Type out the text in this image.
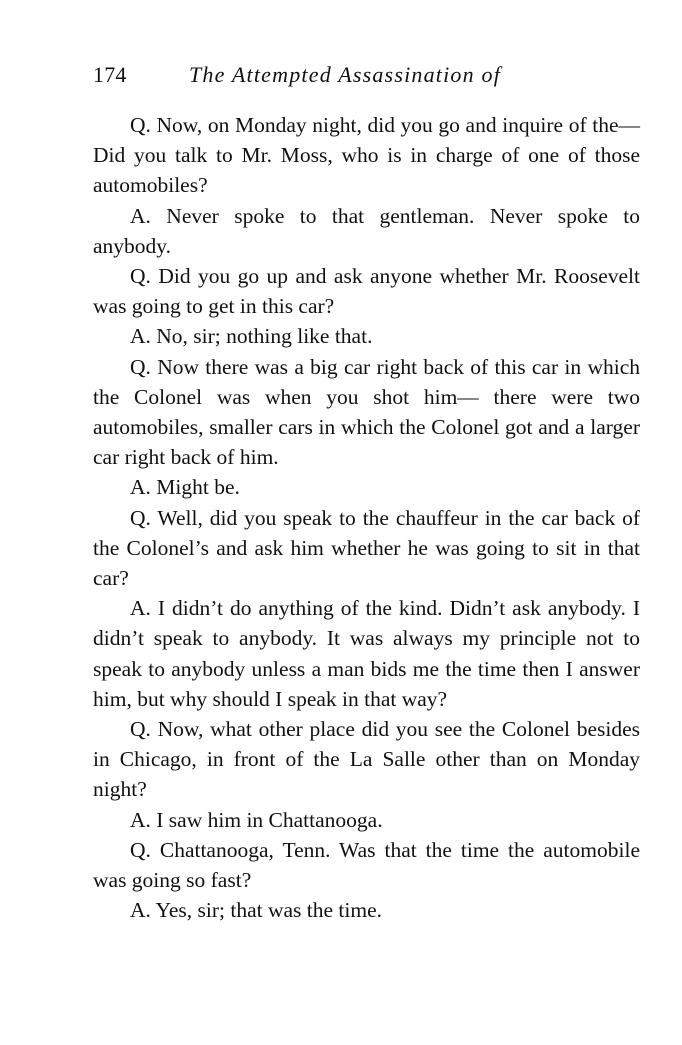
174	The Attempted Assassination of

Q. Now, on Monday night, did you go and inquire of the—Did you talk to Mr. Moss, who is in charge of one of those automobiles?

A. Never spoke to that gentleman. Never spoke to anybody.

Q. Did you go up and ask anyone whether Mr. Roosevelt was going to get in this car?

A. No, sir; nothing like that.

Q. Now there was a big car right back of this car in which the Colonel was when you shot him— there were two automobiles, smaller cars in which the Colonel got and a larger car right back of him.

A. Might be.

Q. Well, did you speak to the chauffeur in the car back of the Colonel’s and ask him whether he was going to sit in that car?

A. I didn’t do anything of the kind. Didn’t ask anybody. I didn’t speak to anybody. It was always my principle not to speak to anybody unless a man bids me the time then I answer him, but why should I speak in that way?

Q. Now, what other place did you see the Colonel besides in Chicago, in front of the La Salle other than on Monday night?

A. I saw him in Chattanooga.

Q. Chattanooga, Tenn. Was that the time the automobile was going so fast?

A. Yes, sir; that was the time.
